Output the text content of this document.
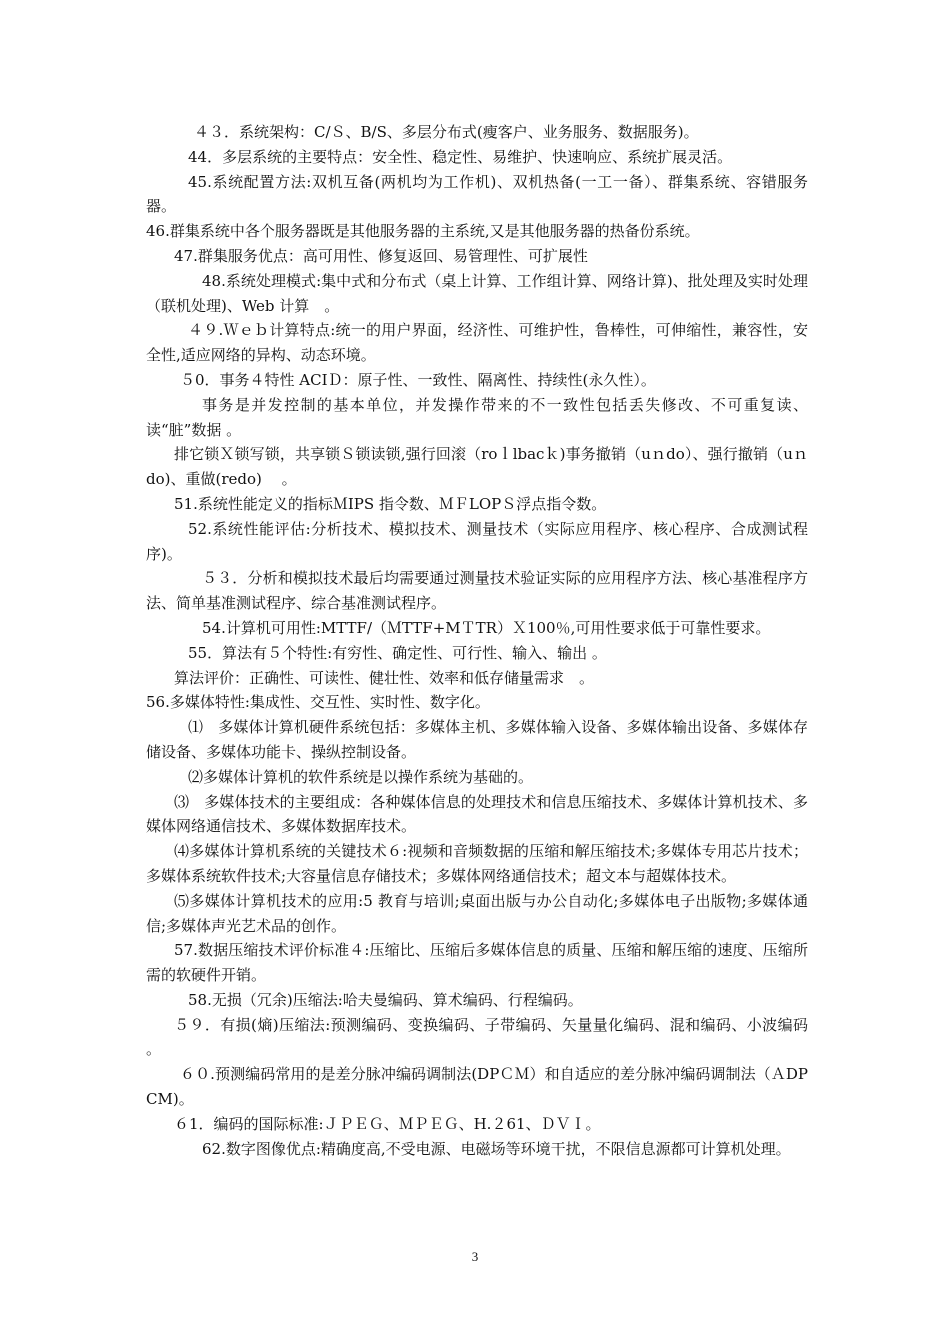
４３．系统架构：C/Ｓ、B/S、多层分布式(瘦客户、业务服务、数据服务)。

44．多层系统的主要特点：安全性、稳定性、易维护、快速响应、系统扩展灵活。

45.系统配置方法:双机互备(两机均为工作机)、双机热备(一工一备）、群集系统、容错服务器。

46.群集系统中各个服务器既是其他服务器的主系统,又是其他服务器的热备份系统。

47.群集服务优点：高可用性、修复返回、易管理性、可扩展性

48.系统处理模式:集中式和分布式（桌上计算、工作组计算、网络计算)、批处理及实时处理（联机处理)、Web 计算　。

４９.Ｗｅｂ计算特点:统一的用户界面，经济性、可维护性，鲁棒性，可伸缩性，兼容性，安全性,适应网络的异构、动态环境。

５0．事务４特性 ACIＤ：原子性、一致性、隔离性、持续性(永久性）。

事务是并发控制的基本单位，并发操作带来的不一致性包括丢失修改、不可重复读、读“脏”数据 。

排它锁Ｘ锁写锁，共享锁Ｓ锁读锁,强行回滚（roｌlbacｋ)事务撤销（uｎdo）、强行撤销（uｎdo)、重做(redo)　 。

51.系统性能定义的指标ＭIPS 指令数、ＭＦLOPＳ浮点指令数。

52.系统性能评估:分析技术、模拟技术、测量技术（实际应用程序、核心程序、合成测试程序)。

５３．分析和模拟技术最后均需要通过测量技术验证实际的应用程序方法、核心基准程序方法、简单基准测试程序、综合基准测试程序。

54.计算机可用性:MTTF/（ＭTTF+MＴTR）Ｘ100％,可用性要求低于可靠性要求。

55．算法有５个特性:有穷性、确定性、可行性、输入、输出 。

算法评价：正确性、可读性、健壮性、效率和低存储量需求　。

56.多媒体特性:集成性、交互性、实时性、数字化。

⑴　多媒体计算机硬件系统包括：多媒体主机、多媒体输入设备、多媒体输出设备、多媒体存储设备、多媒体功能卡、操纵控制设备。

⑵多媒体计算机的软件系统是以操作系统为基础的。

⑶　多媒体技术的主要组成：各种媒体信息的处理技术和信息压缩技术、多媒体计算机技术、多媒体网络通信技术、多媒体数据库技术。

⑷多媒体计算机系统的关键技术６:视频和音频数据的压缩和解压缩技术;多媒体专用芯片技术；多媒体系统软件技术;大容量信息存储技术；多媒体网络通信技术；超文本与超媒体技术。

⑸多媒体计算机技术的应用:5 教育与培训;桌面出版与办公自动化;多媒体电子出版物;多媒体通信;多媒体声光艺术品的创作。

57.数据压缩技术评价标准４:压缩比、压缩后多媒体信息的质量、压缩和解压缩的速度、压缩所需的软硬件开销。

58.无损（冗余)压缩法:哈夫曼编码、算术编码、行程编码。

５９．有损(熵)压缩法:预测编码、变换编码、子带编码、矢量量化编码、混和编码、小波编码 。

６０.预测编码常用的是差分脉冲编码调制法(DPＣＭ）和自适应的差分脉冲编码调制法（ＡDPCM)。

６1．编码的国际标准:ＪＰＥＧ、ＭＰＥＧ、H.２61、ＤＶＩ。

62.数字图像优点:精确度高,不受电源、电磁场等环境干扰，不限信息源都可计算机处理。

3
